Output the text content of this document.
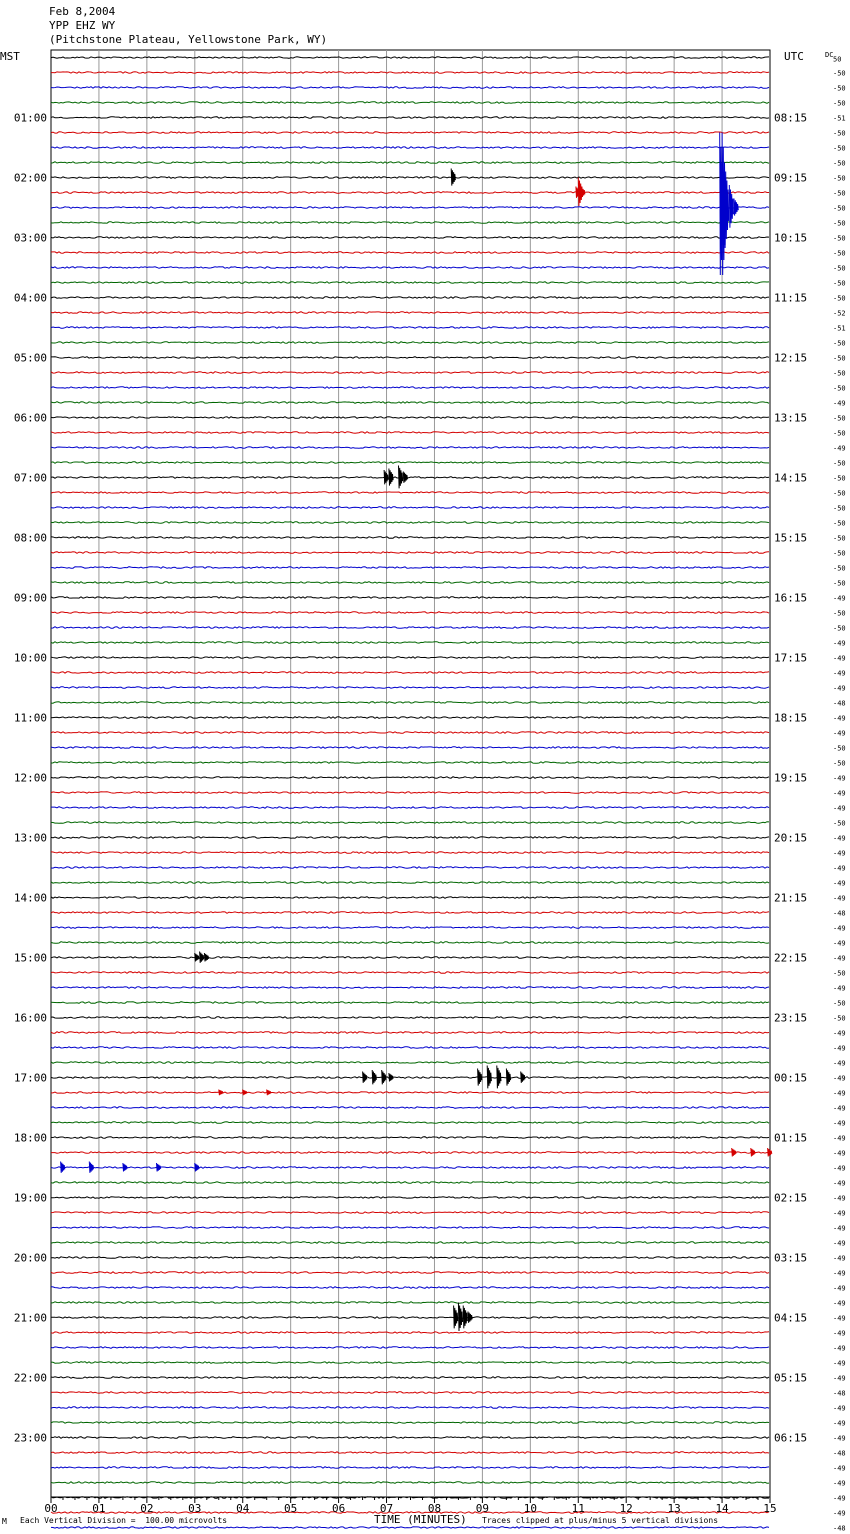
Feb 8,2004
YPP EHZ WY
(Pitchstone Plateau, Yellowstone Park, WY)
MST	UTC
01:00
02:00
03:00
04:00
05:00
06:00
07:00
08:00
09:00
10:00
11:00
12:00
13:00
14:00
15:00
16:00
17:00
18:00
19:00
20:00
21:00
22:00
23:00
08:15
09:15
10:15
11:15
12:15
13:15
14:15
15:15
16:15
17:15
18:15
19:15
20:15
21:15
22:15
23:15
00:15
01:15
02:15
03:15
04:15
05:15
06:15
DC
50
-50
-50
-50
-51
-50
-50
-50
-50
-50
-50
-50
-50
-50
-50
-50
-50
-52
-51
-50
-50
-50
-50
-49
-50
-50
-49
-50
-50
-50
-50
-50
-50
-50
-50
-50
-49
-50
-50
-49
-49
-49
-49
-48
-49
-49
-50
-50
-49
-49
-49
-50
-49
-49
-49
-49
-49
-48
-49
-49
-49
-50
-49
-50
-50
-49
-49
-49
-49
-49
-49
-49
-49
-49
-49
-49
-49
-49
-49
-49
-49
-49
-49
-49
-49
-49
-49
-49
-49
-48
-49
-49
-49
-48
-49
-49
-49
-49
-48
00	01	02	03	04	05	06	07	08	09	10	11	12	13	14	15
M Each Vertical Division =  100.00 microvolts	TIME (MINUTES) Traces clipped at plus/minus 5 vertical divisions
